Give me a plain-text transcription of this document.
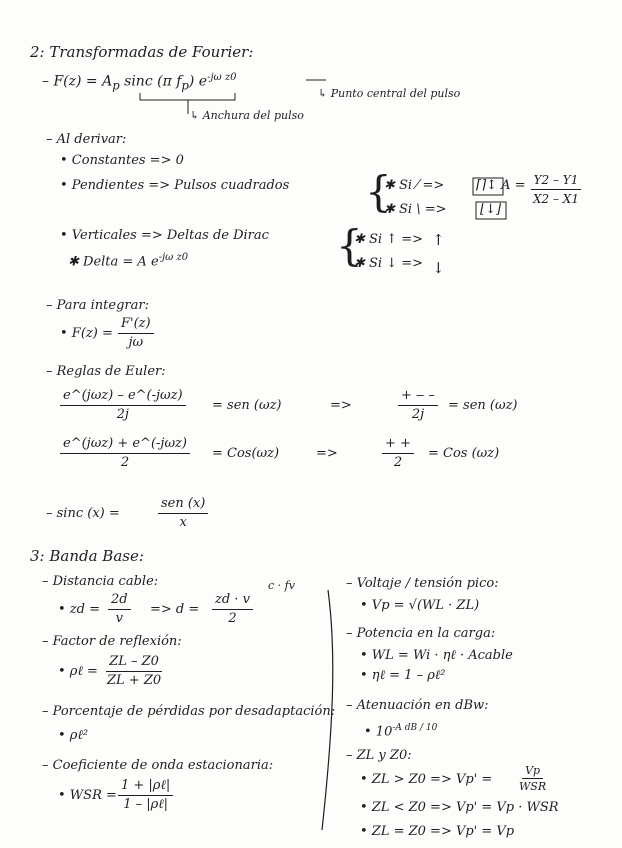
2: Transformadas de Fourier:
– $F(z) = A_p$ sinc (π $f_p$) $e^{-j\omega z0}$
↳ Punto central del pulso
↳ Anchura del pulso
– Al derivar:
• Constantes => 0
• Pendientes => Pulsos cuadrados {
✱ Si ⁄ => ⌈⌉↕ $A = \frac{Y2 - Y1}{X2 - X1}$
✱ Si \ =>	⌊↓⌋
• Verticales => Deltas de Dirac
✱ Delta = A $e^{-j\omega z0}$	{
✱ Si ↑ => ↑
✱ Si ↓ => ↓
– Para integrar:
• $F(z) = \frac{F'(z)}{j\omega}$
– Reglas de Euler:
e^(jωz) – e^(-jωz)
2j
= sen (ωz)	=>
+ ‒ –
2j
= sen (ωz)
e^(jωz) + e^(-jωz)
2
= Cos(ωz)	=>
+ +
2
= Cos (ωz)
– sinc (x) =
sen (x)
x
3: Banda Base:
– Distancia cable:
• zd = $\frac{2d}{v} => d = \frac{zd \cdot v}{2}$
c · fv
– Factor de reflexión:
• ρℓ = $\frac{ZL - Z0}{ZL + Z0}$
– Porcentaje de pérdidas por desadaptación:
• ρℓ²
– Coeficiente de onda estacionaria:
• WSR =
1 + |ρℓ|
1 – |ρℓ|
– Voltaje / tensión pico:
• Vp = √(WL · ZL)
– Potencia en la carga:
• WL = Wi · ηℓ · Acable
• ηℓ = 1 – ρℓ²
– Atenuación en dBw:
• $10^{-A dB / 10}$
– ZL y Z0:
• ZL > Z0 => Vp' =
Vp
WSR
• ZL < Z0 => Vp' = Vp · WSR
• ZL = Z0 => Vp' = Vp
